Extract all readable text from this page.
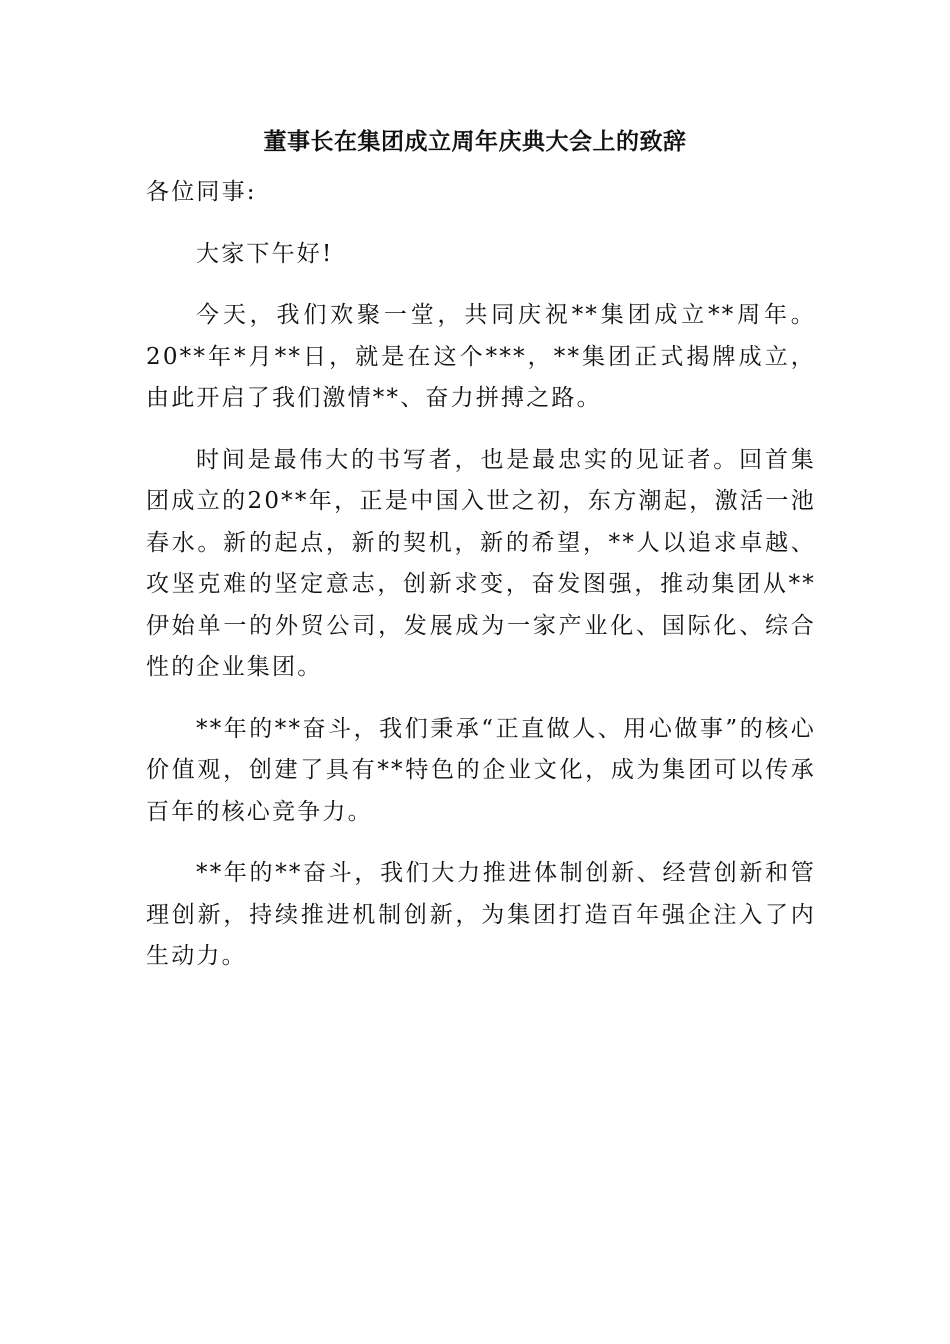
董事长在集团成立周年庆典大会上的致辞

各位同事:

大家下午好!

今天，我们欢聚一堂，共同庆祝**集团成立**周年。20**年*月**日，就是在这个***，**集团正式揭牌成立，由此开启了我们激情**、奋力拼搏之路。

时间是最伟大的书写者，也是最忠实的见证者。回首集团成立的20**年，正是中国入世之初，东方潮起，激活一池春水。新的起点，新的契机，新的希望，**人以追求卓越、攻坚克难的坚定意志，创新求变，奋发图强，推动集团从**伊始单一的外贸公司，发展成为一家产业化、国际化、综合性的企业集团。

**年的**奋斗，我们秉承“正直做人、用心做事”的核心价值观，创建了具有**特色的企业文化，成为集团可以传承百年的核心竞争力。

**年的**奋斗，我们大力推进体制创新、经营创新和管理创新，持续推进机制创新，为集团打造百年强企注入了内生动力。
